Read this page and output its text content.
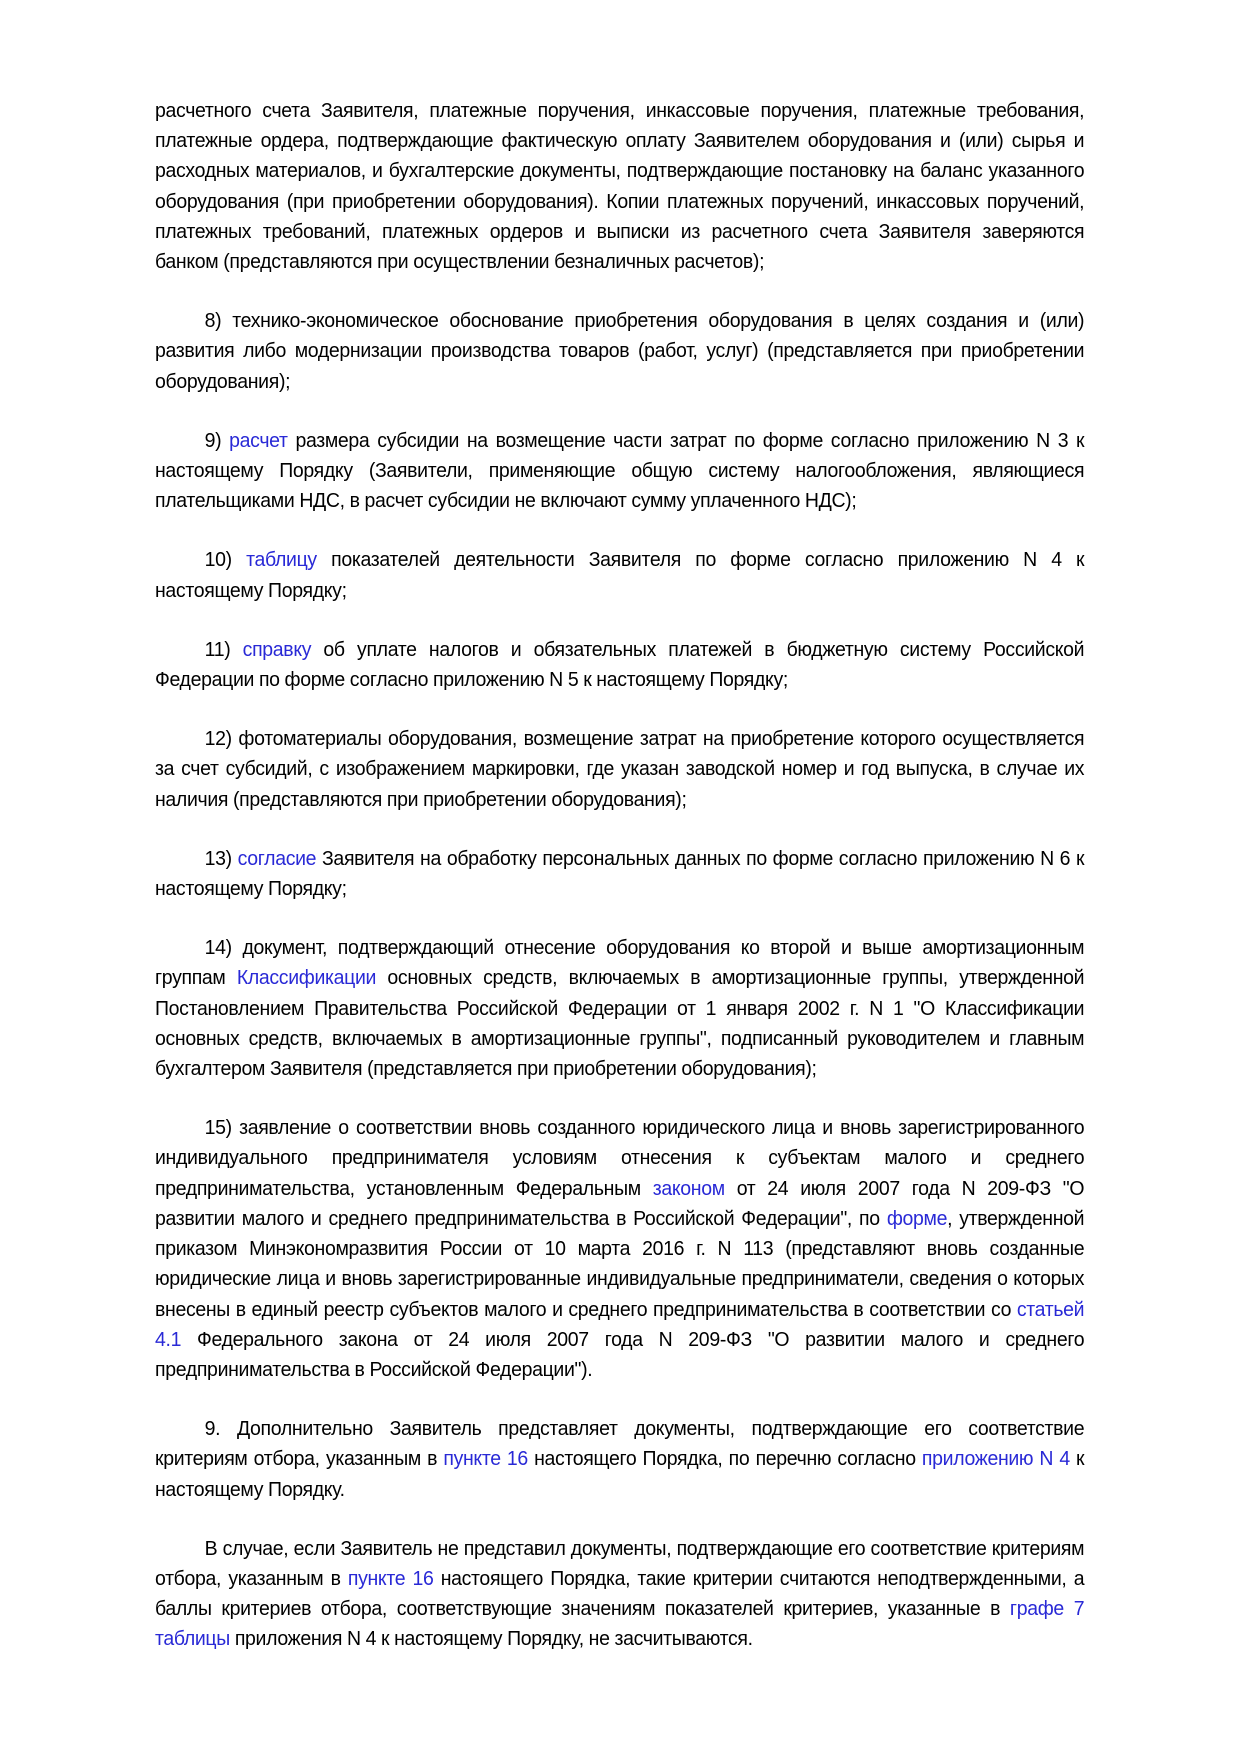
расчетного счета Заявителя, платежные поручения, инкассовые поручения, платежные требования, платежные ордера, подтверждающие фактическую оплату Заявителем оборудования и (или) сырья и расходных материалов, и бухгалтерские документы, подтверждающие постановку на баланс указанного оборудования (при приобретении оборудования). Копии платежных поручений, инкассовых поручений, платежных требований, платежных ордеров и выписки из расчетного счета Заявителя заверяются банком (представляются при осуществлении безналичных расчетов);

8) технико-экономическое обоснование приобретения оборудования в целях создания и (или) развития либо модернизации производства товаров (работ, услуг) (представляется при приобретении оборудования);

9) расчет размера субсидии на возмещение части затрат по форме согласно приложению N 3 к настоящему Порядку (Заявители, применяющие общую систему налогообложения, являющиеся плательщиками НДС, в расчет субсидии не включают сумму уплаченного НДС);

10) таблицу показателей деятельности Заявителя по форме согласно приложению N 4 к настоящему Порядку;

11) справку об уплате налогов и обязательных платежей в бюджетную систему Российской Федерации по форме согласно приложению N 5 к настоящему Порядку;

12) фотоматериалы оборудования, возмещение затрат на приобретение которого осуществляется за счет субсидий, с изображением маркировки, где указан заводской номер и год выпуска, в случае их наличия (представляются при приобретении оборудования);

13) согласие Заявителя на обработку персональных данных по форме согласно приложению N 6 к настоящему Порядку;

14) документ, подтверждающий отнесение оборудования ко второй и выше амортизационным группам Классификации основных средств, включаемых в амортизационные группы, утвержденной Постановлением Правительства Российской Федерации от 1 января 2002 г. N 1 "О Классификации основных средств, включаемых в амортизационные группы", подписанный руководителем и главным бухгалтером Заявителя (представляется при приобретении оборудования);

15) заявление о соответствии вновь созданного юридического лица и вновь зарегистрированного индивидуального предпринимателя условиям отнесения к субъектам малого и среднего предпринимательства, установленным Федеральным законом от 24 июля 2007 года N 209-ФЗ "О развитии малого и среднего предпринимательства в Российской Федерации", по форме, утвержденной приказом Минэкономразвития России от 10 марта 2016 г. N 113 (представляют вновь созданные юридические лица и вновь зарегистрированные индивидуальные предприниматели, сведения о которых внесены в единый реестр субъектов малого и среднего предпринимательства в соответствии со статьей 4.1 Федерального закона от 24 июля 2007 года N 209-ФЗ "О развитии малого и среднего предпринимательства в Российской Федерации").

9. Дополнительно Заявитель представляет документы, подтверждающие его соответствие критериям отбора, указанным в пункте 16 настоящего Порядка, по перечню согласно приложению N 4 к настоящему Порядку.

В случае, если Заявитель не представил документы, подтверждающие его соответствие критериям отбора, указанным в пункте 16 настоящего Порядка, такие критерии считаются неподтвержденными, а баллы критериев отбора, соответствующие значениям показателей критериев, указанные в графе 7 таблицы приложения N 4 к настоящему Порядку, не засчитываются.
